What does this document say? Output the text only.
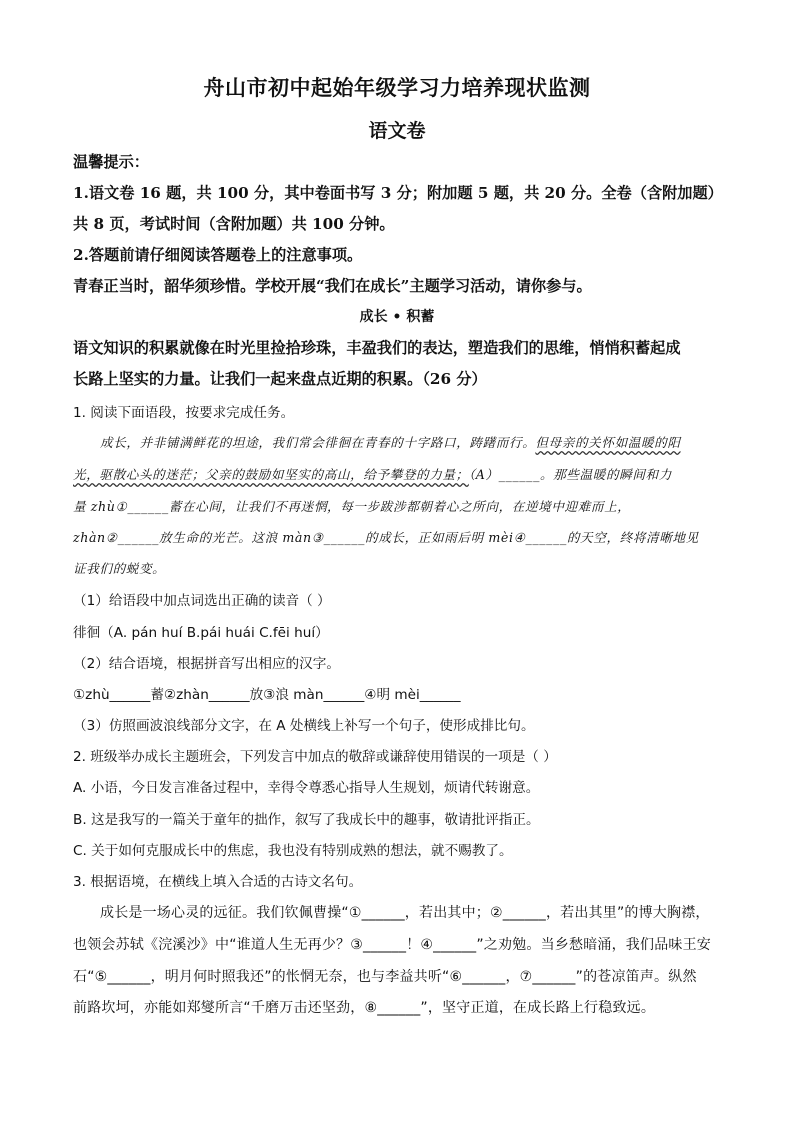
舟山市初中起始年级学习力培养现状监测
语文卷
温馨提示：
1.语文卷 16 题，共 100 分，其中卷面书写 3 分；附加题 5 题，共 20 分。全卷（含附加题）
共 8 页，考试时间（含附加题）共 100 分钟。
2.答题前请仔细阅读答题卷上的注意事项。
青春正当时，韶华须珍惜。学校开展“我们在成长”主题学习活动，请你参与。
成长 • 积蓄
语文知识的积累就像在时光里捡拾珍珠，丰盈我们的表达，塑造我们的思维，悄悄积蓄起成
长路上坚实的力量。让我们一起来盘点近期的积累。（26 分）
1. 阅读下面语段，按要求完成任务。
成长，并非铺满鲜花的坦途，我们常会徘徊在青春的十字路口，踌躇而行。但母亲的关怀如温暖的阳
光，驱散心头的迷茫；父亲的鼓励如坚实的高山，给予攀登的力量；（A）______。那些温暖的瞬间和力
量 zhù①______蓄在心间，让我们不再迷惘，每一步跋涉都朝着心之所向，在逆境中迎难而上，
zhàn②______放生命的光芒。这浪 màn③______的成长，正如雨后明 mèi④______的天空，终将清晰地见
证我们的蜕变。
（1）给语段中加点词选出正确的读音（ ）
徘徊（A. pán huí B.pái huái C.fēi huí）
（2）结合语境，根据拼音写出相应的汉字。
①zhù______蓄②zhàn______放③浪 màn______④明 mèi______
（3）仿照画波浪线部分文字，在 A 处横线上补写一个句子，使形成排比句。
2. 班级举办成长主题班会，下列发言中加点的敬辞或谦辞使用错误的一项是（ ）
A. 小语，今日发言准备过程中，幸得令尊悉心指导人生规划，烦请代转谢意。
B. 这是我写的一篇关于童年的拙作，叙写了我成长中的趣事，敬请批评指正。
C. 关于如何克服成长中的焦虑，我也没有特别成熟的想法，就不赐教了。
3. 根据语境，在横线上填入合适的古诗文名句。
成长是一场心灵的远征。我们钦佩曹操“①______，若出其中；②______，若出其里”的博大胸襟，
也领会苏轼《浣溪沙》中“谁道人生无再少？③______！④______”之劝勉。当乡愁暗涌，我们品味王安
石“⑤______，明月何时照我还”的怅惘无奈，也与李益共听“⑥______，⑦______”的苍凉笛声。纵然
前路坎坷，亦能如郑燮所言“千磨万击还坚劲，⑧______”，坚守正道，在成长路上行稳致远。
